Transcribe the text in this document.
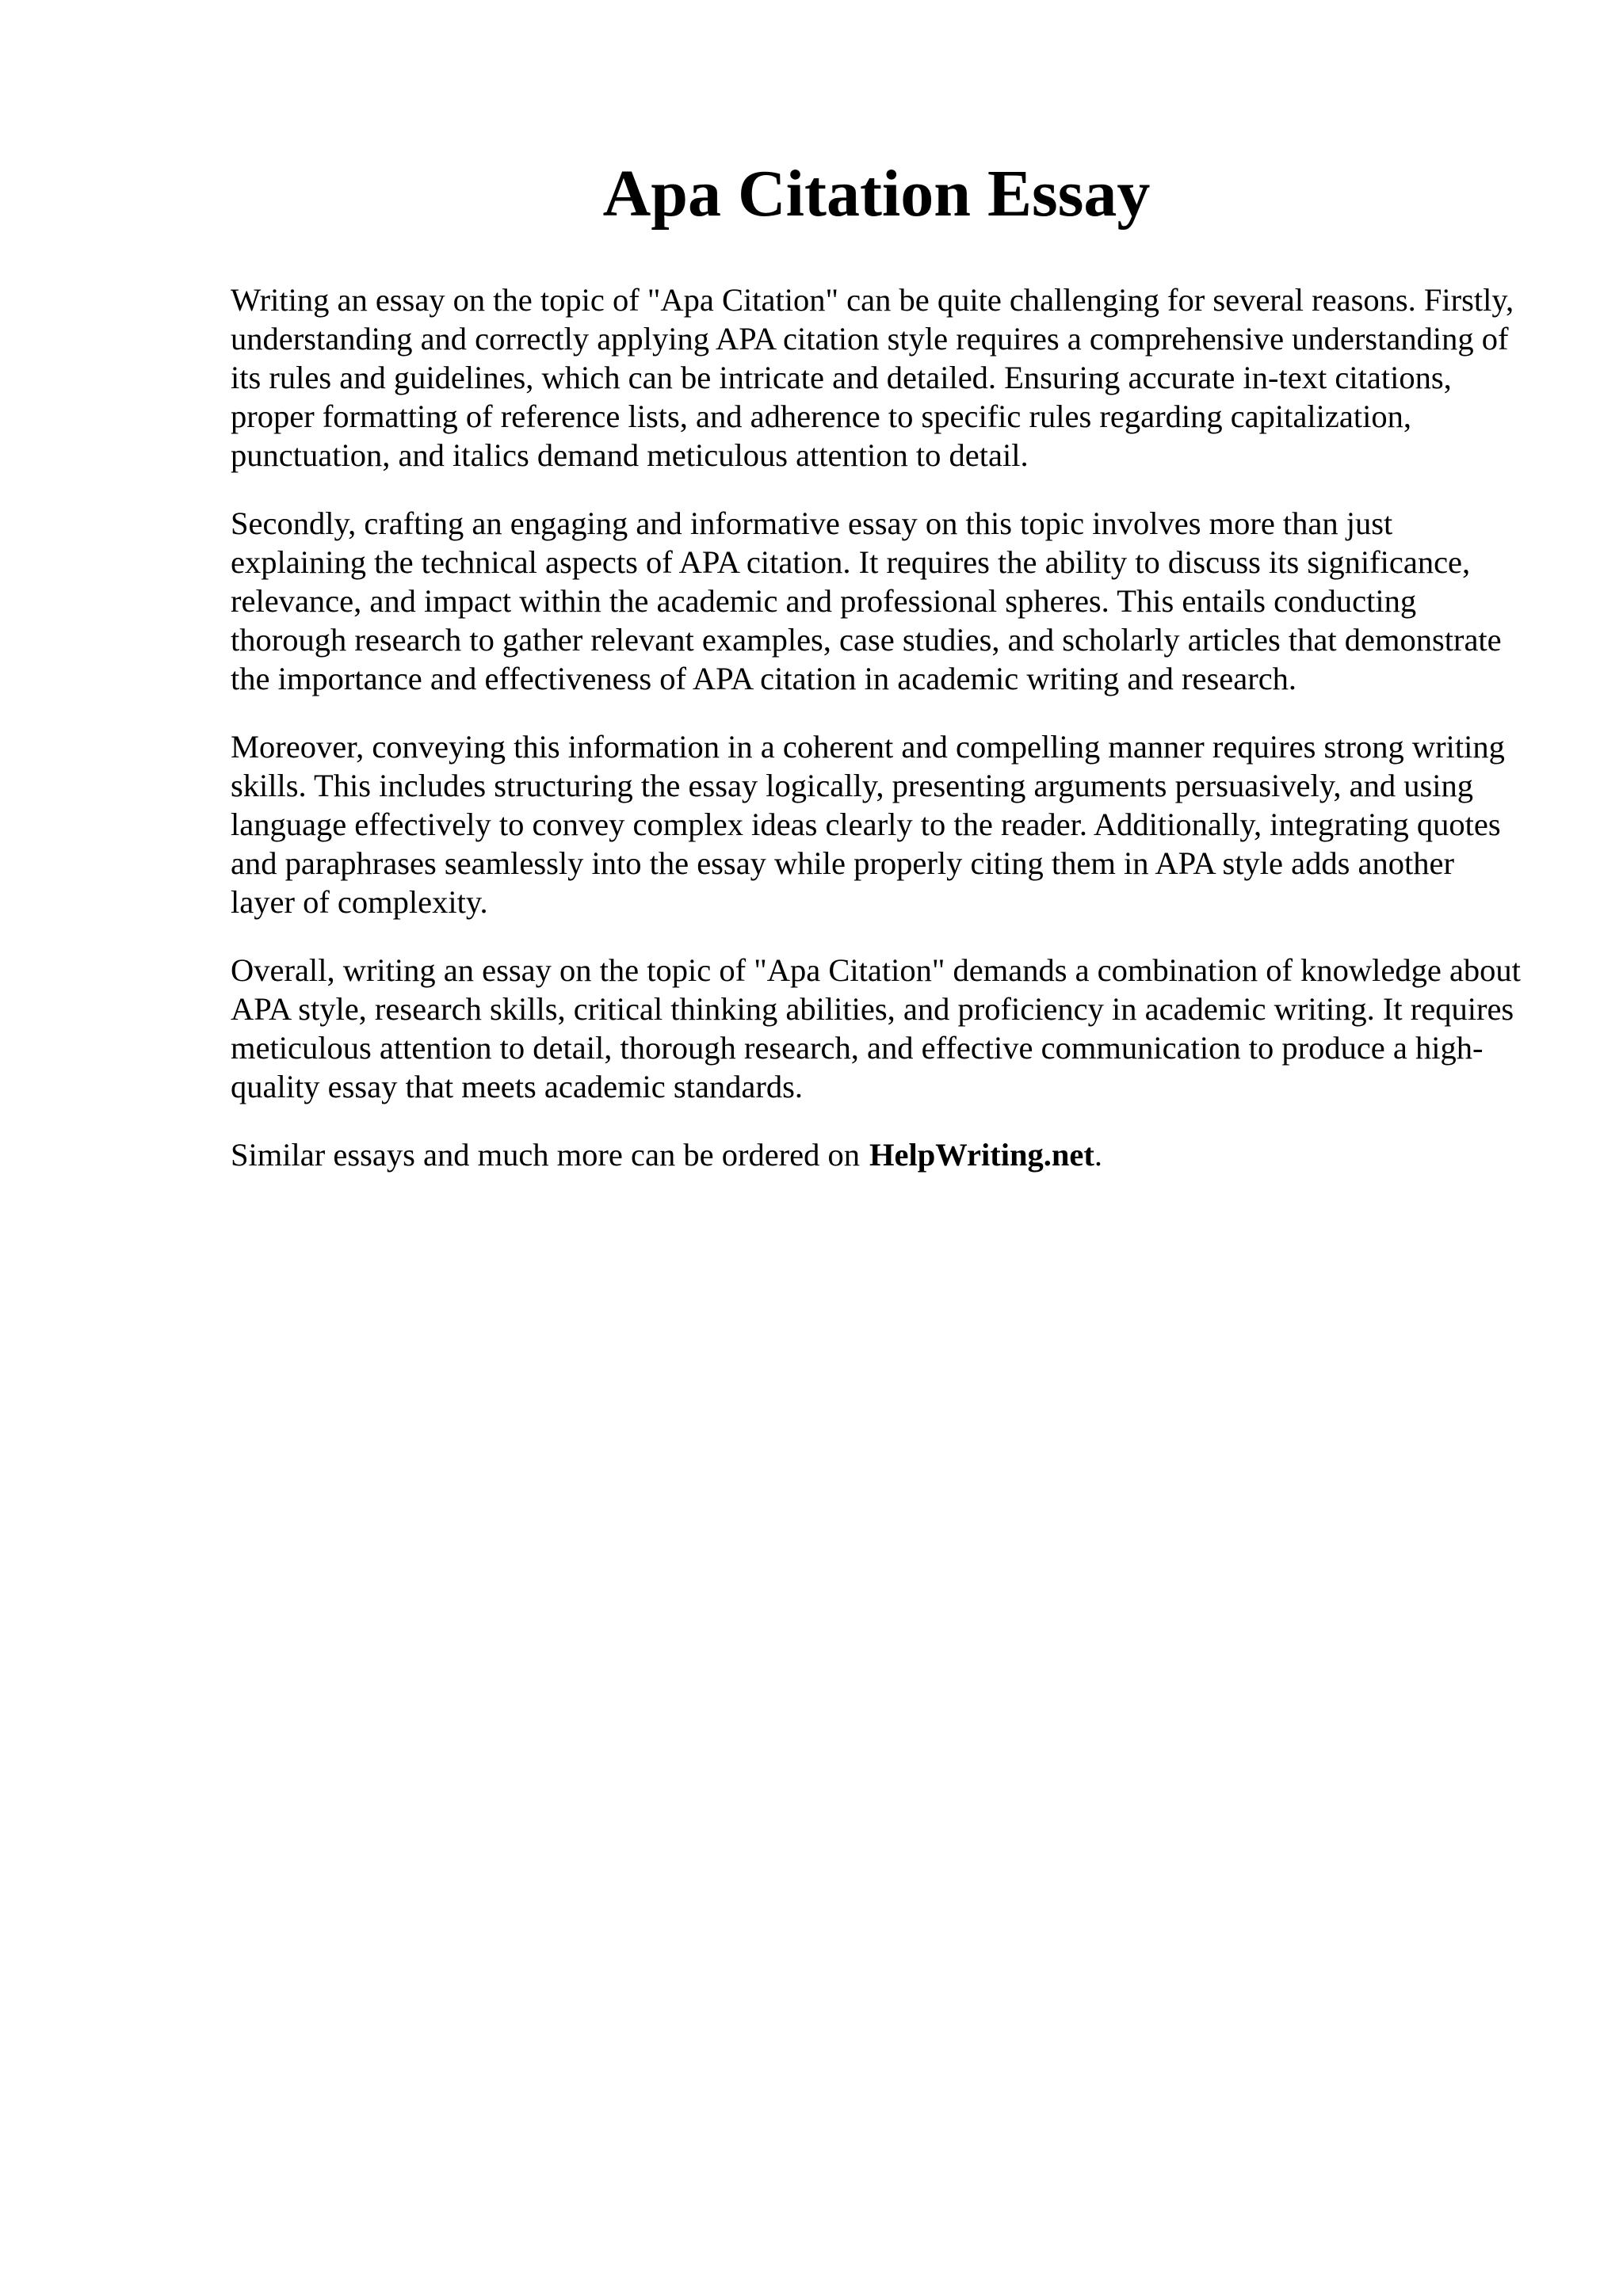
Apa Citation Essay

Writing an essay on the topic of "Apa Citation" can be quite challenging for several reasons. Firstly, understanding and correctly applying APA citation style requires a comprehensive understanding of its rules and guidelines, which can be intricate and detailed. Ensuring accurate in-text citations, proper formatting of reference lists, and adherence to specific rules regarding capitalization, punctuation, and italics demand meticulous attention to detail.

Secondly, crafting an engaging and informative essay on this topic involves more than just explaining the technical aspects of APA citation. It requires the ability to discuss its significance, relevance, and impact within the academic and professional spheres. This entails conducting thorough research to gather relevant examples, case studies, and scholarly articles that demonstrate the importance and effectiveness of APA citation in academic writing and research.

Moreover, conveying this information in a coherent and compelling manner requires strong writing skills. This includes structuring the essay logically, presenting arguments persuasively, and using language effectively to convey complex ideas clearly to the reader. Additionally, integrating quotes and paraphrases seamlessly into the essay while properly citing them in APA style adds another layer of complexity.

Overall, writing an essay on the topic of "Apa Citation" demands a combination of knowledge about APA style, research skills, critical thinking abilities, and proficiency in academic writing. It requires meticulous attention to detail, thorough research, and effective communication to produce a high-quality essay that meets academic standards.

Similar essays and much more can be ordered on HelpWriting.net.
